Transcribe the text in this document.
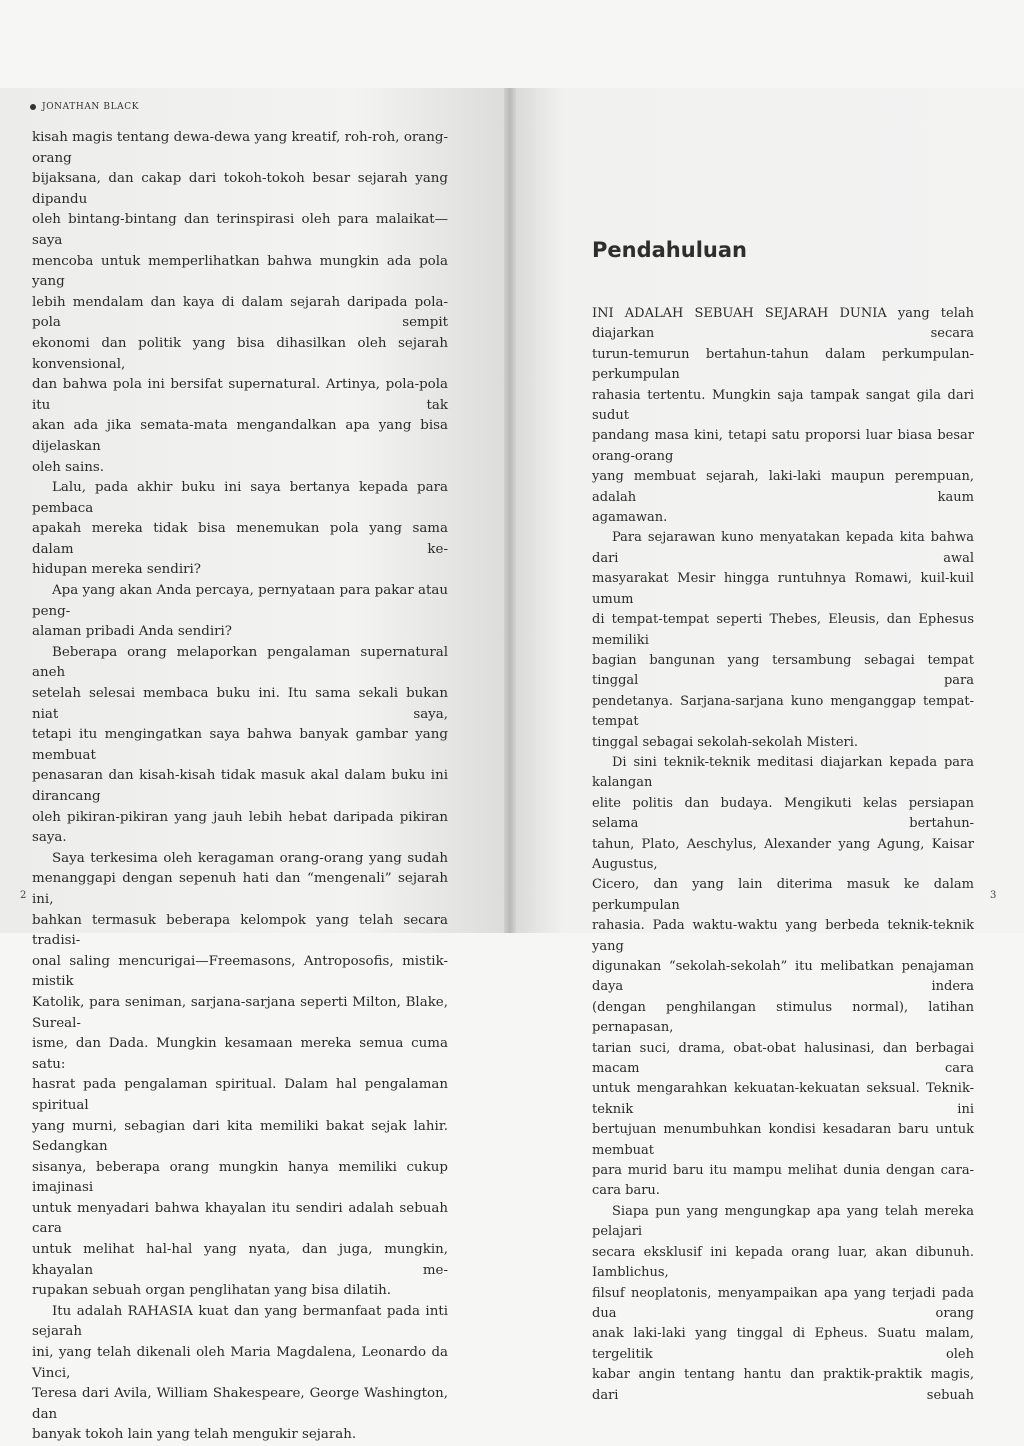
JONATHAN BLACK

kisah magis tentang dewa-dewa yang kreatif, roh-roh, orang-orang

bijaksana, dan cakap dari tokoh-tokoh besar sejarah yang dipandu

oleh bintang-bintang dan terinspirasi oleh para malaikat—saya

mencoba untuk memperlihatkan bahwa mungkin ada pola yang

lebih mendalam dan kaya di dalam sejarah daripada pola-pola sempit

ekonomi dan politik yang bisa dihasilkan oleh sejarah konvensional,

dan bahwa pola ini bersifat supernatural. Artinya, pola-pola itu tak

akan ada jika semata-mata mengandalkan apa yang bisa dijelaskan

oleh sains.

Lalu, pada akhir buku ini saya bertanya kepada para pembaca

apakah mereka tidak bisa menemukan pola yang sama dalam ke-

hidupan mereka sendiri?

Apa yang akan Anda percaya, pernyataan para pakar atau peng-

alaman pribadi Anda sendiri?

Beberapa orang melaporkan pengalaman supernatural aneh

setelah selesai membaca buku ini. Itu sama sekali bukan niat saya,

tetapi itu mengingatkan saya bahwa banyak gambar yang membuat

penasaran dan kisah-kisah tidak masuk akal dalam buku ini dirancang

oleh pikiran-pikiran yang jauh lebih hebat daripada pikiran saya.

Saya terkesima oleh keragaman orang-orang yang sudah

menanggapi dengan sepenuh hati dan “mengenali” sejarah ini,

bahkan termasuk beberapa kelompok yang telah secara tradisi-

onal saling mencurigai—Freemasons, Antroposofis, mistik-mistik

Katolik, para seniman, sarjana-sarjana seperti Milton, Blake, Sureal-

isme, dan Dada. Mungkin kesamaan mereka semua cuma satu:

hasrat pada pengalaman spiritual. Dalam hal pengalaman spiritual

yang murni, sebagian dari kita memiliki bakat sejak lahir. Sedangkan

sisanya, beberapa orang mungkin hanya memiliki cukup imajinasi

untuk menyadari bahwa khayalan itu sendiri adalah sebuah cara

untuk melihat hal-hal yang nyata, dan juga, mungkin, khayalan me-

rupakan sebuah organ penglihatan yang bisa dilatih.

Itu adalah RAHASIA kuat dan yang bermanfaat pada inti sejarah

ini, yang telah dikenali oleh Maria Magdalena, Leonardo da Vinci,

Teresa dari Avila, William Shakespeare, George Washington, dan

banyak tokoh lain yang telah mengukir sejarah.

Pendahuluan

INI ADALAH SEBUAH SEJARAH DUNIA yang telah diajarkan secara

turun-temurun bertahun-tahun dalam perkumpulan-perkumpulan

rahasia tertentu. Mungkin saja tampak sangat gila dari sudut

pandang masa kini, tetapi satu proporsi luar biasa besar orang-orang

yang membuat sejarah, laki-laki maupun perempuan, adalah kaum

agamawan.

Para sejarawan kuno menyatakan kepada kita bahwa dari awal

masyarakat Mesir hingga runtuhnya Romawi, kuil-kuil umum

di tempat-tempat seperti Thebes, Eleusis, dan Ephesus memiliki

bagian bangunan yang tersambung sebagai tempat tinggal para

pendetanya. Sarjana-sarjana kuno menganggap tempat-tempat

tinggal sebagai sekolah-sekolah Misteri.

Di sini teknik-teknik meditasi diajarkan kepada para kalangan

elite politis dan budaya. Mengikuti kelas persiapan selama bertahun-

tahun, Plato, Aeschylus, Alexander yang Agung, Kaisar Augustus,

Cicero, dan yang lain diterima masuk ke dalam perkumpulan

rahasia. Pada waktu-waktu yang berbeda teknik-teknik yang

digunakan “sekolah-sekolah” itu melibatkan penajaman daya indera

(dengan penghilangan stimulus normal), latihan pernapasan,

tarian suci, drama, obat-obat halusinasi, dan berbagai macam cara

untuk mengarahkan kekuatan-kekuatan seksual. Teknik-teknik ini

bertujuan menumbuhkan kondisi kesadaran baru untuk membuat

para murid baru itu mampu melihat dunia dengan cara-cara baru.

Siapa pun yang mengungkap apa yang telah mereka pelajari

secara eksklusif ini kepada orang luar, akan dibunuh. Iamblichus,

filsuf neoplatonis, menyampaikan apa yang terjadi pada dua orang

anak laki-laki yang tinggal di Epheus. Suatu malam, tergelitik oleh

kabar angin tentang hantu dan praktik-praktik magis, dari sebuah

2	3
